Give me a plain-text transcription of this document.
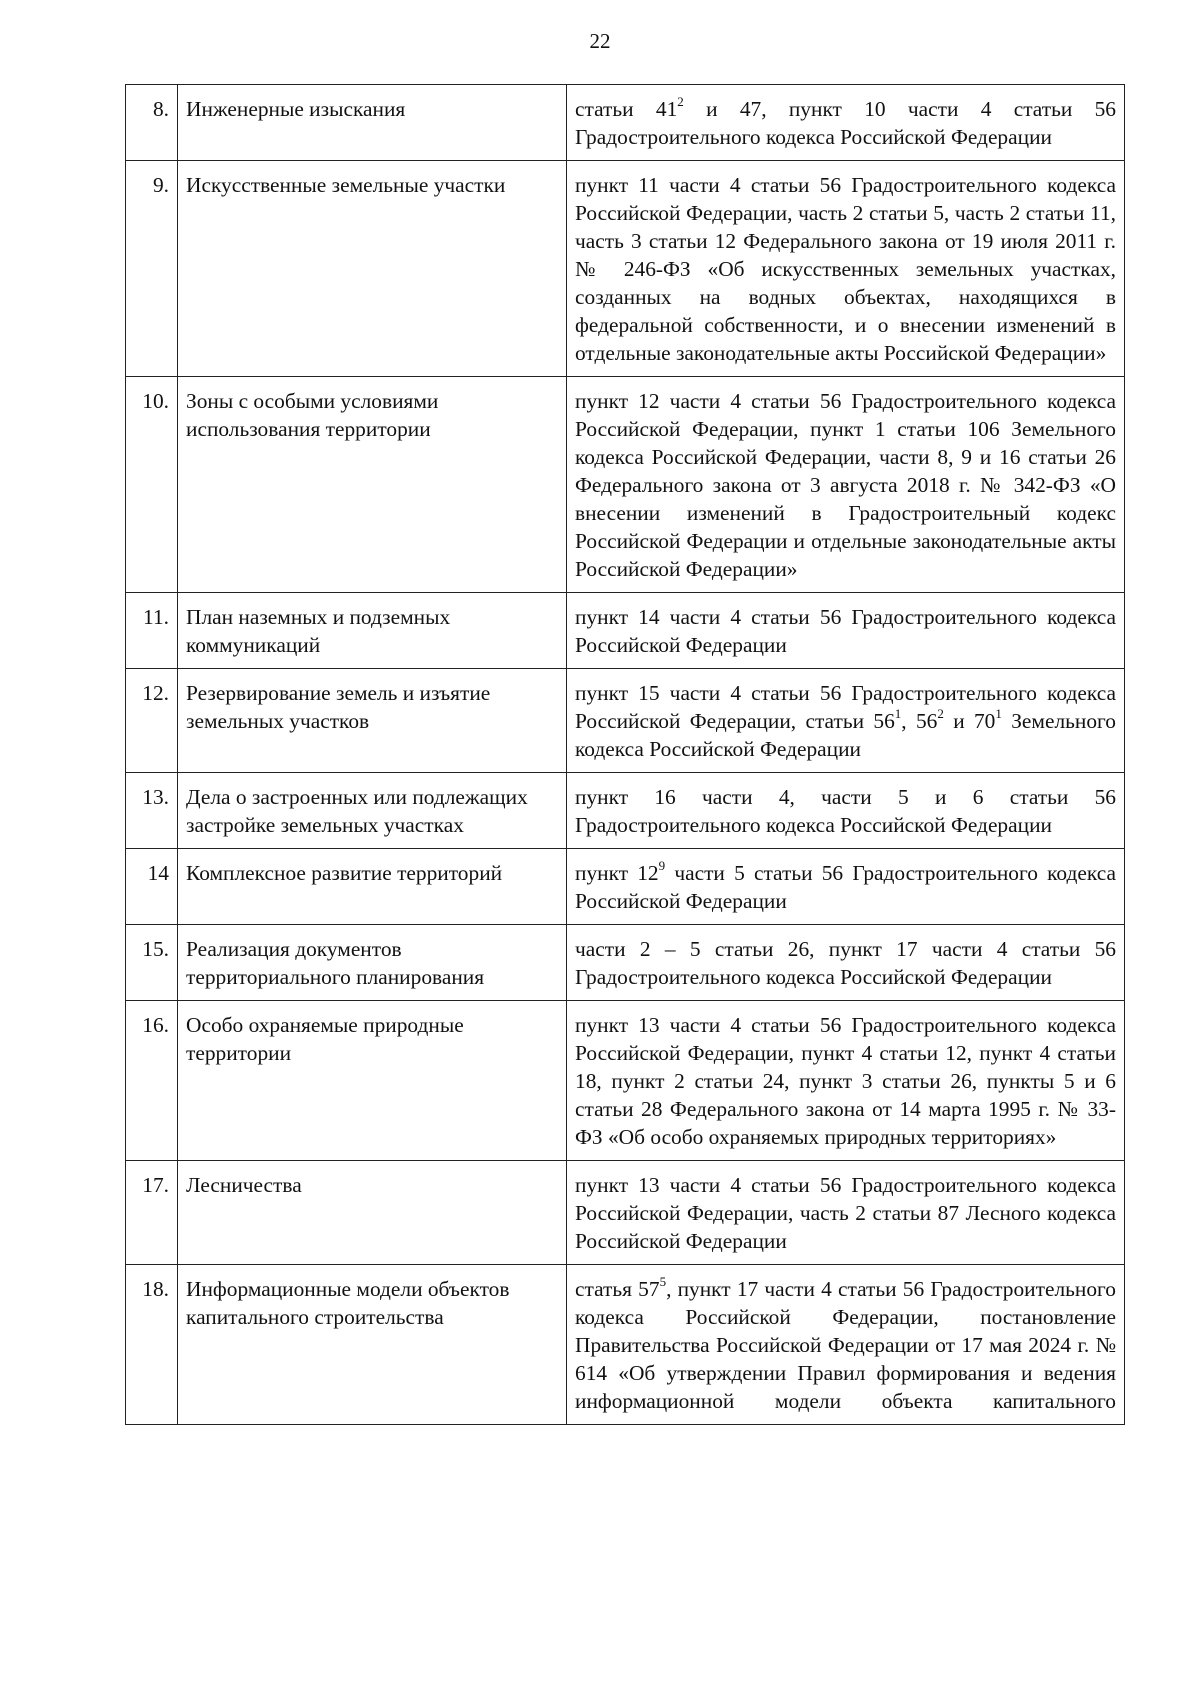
22
8.	Инженерные изыскания	статьи $41^2$ и 47, пункт 10 части 4 статьи 56 Градостроительного кодекса Российской Федерации
9.	Искусственные земельные участки	пункт 11 части 4 статьи 56 Градостроительного кодекса Российской Федерации, часть 2 статьи 5, часть 2 статьи 11, часть 3 статьи 12 Федерального закона от 19 июля 2011 г. № 246-ФЗ «Об искусственных земельных участках, созданных на водных объектах, находящихся в федеральной собственности, и о внесении изменений в отдельные законодательные акты Российской Федерации»
10.	Зоны с особыми условиями использования территории	пункт 12 части 4 статьи 56 Градостроительного кодекса Российской Федерации, пункт 1 статьи 106 Земельного кодекса Российской Федерации, части 8, 9 и 16 статьи 26 Федерального закона от 3 августа 2018 г. № 342-ФЗ «О внесении изменений в Градостроительный кодекс Российской Федерации и отдельные законодательные акты Российской Федерации»
11.	План наземных и подземных коммуникаций	пункт 14 части 4 статьи 56 Градостроительного кодекса Российской Федерации
12.	Резервирование земель и изъятие земельных участков	пункт 15 части 4 статьи 56 Градостроительного кодекса Российской Федерации, статьи $56^1$, $56^2$ и $70^1$ Земельного кодекса Российской Федерации
13.	Дела о застроенных или подлежащих застройке земельных участках	пункт 16 части 4, части 5 и 6 статьи 56 Градостроительного кодекса Российской Федерации
14	Комплексное развитие территорий	пункт $12^9$ части 5 статьи 56 Градостроительного кодекса Российской Федерации
15.	Реализация документов территориального планирования	части 2 – 5 статьи 26, пункт 17 части 4 статьи 56 Градостроительного кодекса Российской Федерации
16.	Особо охраняемые природные территории	пункт 13 части 4 статьи 56 Градостроительного кодекса Российской Федерации, пункт 4 статьи 12, пункт 4 статьи 18, пункт 2 статьи 24, пункт 3 статьи 26, пункты 5 и 6 статьи 28 Федерального закона от 14 марта 1995 г. № 33-ФЗ «Об особо охраняемых природных территориях»
17.	Лесничества	пункт 13 части 4 статьи 56 Градостроительного кодекса Российской Федерации, часть 2 статьи 87 Лесного кодекса Российской Федерации
18.	Информационные модели объектов капитального строительства	статья $57^5$, пункт 17 части 4 статьи 56 Градостроительного кодекса Российской Федерации, постановление Правительства Российской Федерации от 17 мая 2024 г. № 614 «Об утверждении Правил формирования и ведения информационной модели объекта капитального
